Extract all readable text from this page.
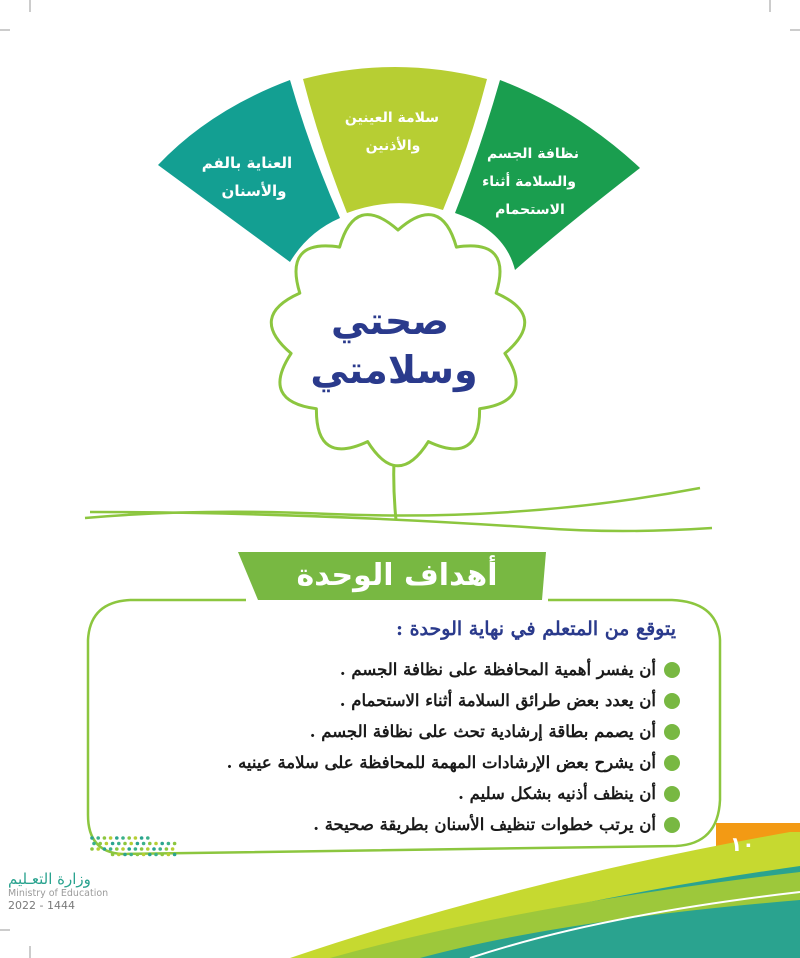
العناية بالفم
والأسنان
سلامة العينين
والأذنين	نظافة الجسم
والسلامة أثناء
الاستحمام
صحتي
وسلامتي
أهداف الوحدة
يتوقع من المتعلم في نهاية الوحدة :
أن يفسر أهمية المحافظة على نظافة الجسم .
أن يعدد بعض طرائق السلامة أثناء الاستحمام .
أن يصمم بطاقة إرشادية تحث على نظافة الجسم .
أن يشرح بعض الإرشادات المهمة للمحافظة على سلامة عينيه .
أن ينظف أذنيه بشكل سليم .
أن يرتب خطوات تنظيف الأسنان بطريقة صحيحة .
١٠
وزارة التعـليم
Ministry of Education
2022 - 1444
